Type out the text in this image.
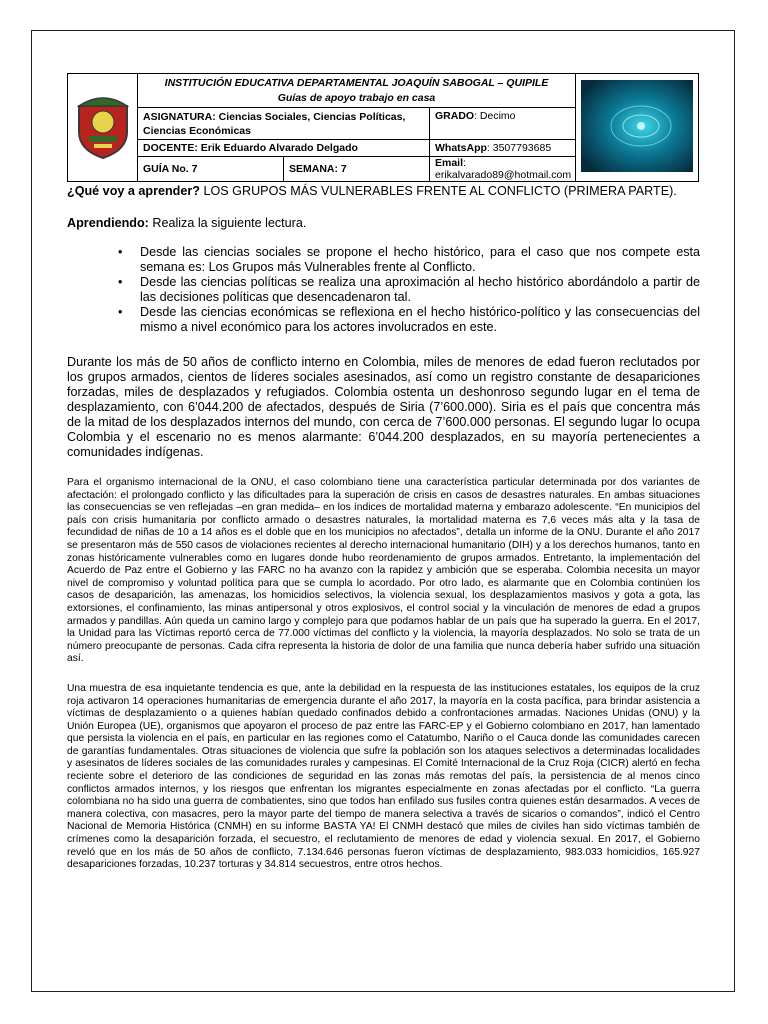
INSTITUCIÓN EDUCATIVA DEPARTAMENTAL JOAQUÍN SABOGAL – QUIPILE
Guías de apoyo trabajo en casa

	ASIGNATURA: Ciencias Sociales, Ciencias Políticas, Ciencias Económicas		GRADO: Decimo	
	DOCENTE: Erik Eduardo Alvarado Delgado		WhatsApp: 3507793685	
	GUÍA No. 7	SEMANA: 7	Email: erikalvarado89@hotmail.com	

¿Qué voy a aprender? LOS GRUPOS MÁS VULNERABLES FRENTE AL CONFLICTO (PRIMERA PARTE).

Aprendiendo: Realiza la siguiente lectura.

• Desde las ciencias sociales se propone el hecho histórico, para el caso que nos compete esta semana es: Los Grupos más Vulnerables frente al Conflicto.
• Desde las ciencias políticas se realiza una aproximación al hecho histórico abordándolo a partir de las decisiones políticas que desencadenaron tal.
• Desde las ciencias económicas se reflexiona en el hecho histórico-político y las consecuencias del mismo a nivel económico para los actores involucrados en este.

Durante los más de 50 años de conflicto interno en Colombia, miles de menores de edad fueron reclutados por los grupos armados, cientos de líderes sociales asesinados, así como un registro constante de desapariciones forzadas, miles de desplazados y refugiados. Colombia ostenta un deshonroso segundo lugar en el tema de desplazamiento, con 6’044.200 de afectados, después de Siria (7’600.000). Siria es el país que concentra más de la mitad de los desplazados internos del mundo, con cerca de 7’600.000 personas. El segundo lugar lo ocupa Colombia y el escenario no es menos alarmante: 6’044.200 desplazados, en su mayoría pertenecientes a comunidades indígenas.

Para el organismo internacional de la ONU, el caso colombiano tiene una característica particular determinada por dos variantes de afectación: el prolongado conflicto y las dificultades para la superación de crisis en casos de desastres naturales. En ambas situaciones las consecuencias se ven reflejadas –en gran medida– en los índices de mortalidad materna y embarazo adolescente. “En municipios del país con crisis humanitaria por conflicto armado o desastres naturales, la mortalidad materna es 7,6 veces más alta y la tasa de fecundidad de niñas de 10 a 14 años es el doble que en los municipios no afectados”, detalla un informe de la ONU. Durante el año 2017 se presentaron más de 550 casos de violaciones recientes al derecho internacional humanitario (DIH) y a los derechos humanos, tanto en zonas históricamente vulnerables como en lugares donde hubo reordenamiento de grupos armados. Entretanto, la implementación del Acuerdo de Paz entre el Gobierno y las FARC no ha avanzo con la rapidez y ambición que se esperaba. Colombia necesita un mayor nivel de compromiso y voluntad política para que se cumpla lo acordado. Por otro lado, es alarmante que en Colombia continúen los casos de desaparición, las amenazas, los homicidios selectivos, la violencia sexual, los desplazamientos masivos y gota a gota, las extorsiones, el confinamiento, las minas antipersonal y otros explosivos, el control social y la vinculación de menores de edad a grupos armados y pandillas. Aún queda un camino largo y complejo para que podamos hablar de un país que ha superado la guerra. En el 2017, la Unidad para las Víctimas reportó cerca de 77.000 víctimas del conflicto y la violencia, la mayoría desplazados. No solo se trata de un número preocupante de personas. Cada cifra representa la historia de dolor de una familia que nunca debería haber sufrido una situación así.

Una muestra de esa inquietante tendencia es que, ante la debilidad en la respuesta de las instituciones estatales, los equipos de la cruz roja activaron 14 operaciones humanitarias de emergencia durante el año 2017, la mayoría en la costa pacífica, para brindar asistencia a víctimas de desplazamiento o a quienes habían quedado confinados debido a confrontaciones armadas. Naciones Unidas (ONU) y la Unión Europea (UE), organismos que apoyaron el proceso de paz entre las FARC-EP y el Gobierno colombiano en 2017, han lamentado que persista la violencia en el país, en particular en las regiones como el Catatumbo, Nariño o el Cauca donde las comunidades carecen de garantías fundamentales. Otras situaciones de violencia que sufre la población son los ataques selectivos a determinadas localidades y asesinatos de líderes sociales de las comunidades rurales y campesinas. El Comité Internacional de la Cruz Roja (CICR) alertó en fecha reciente sobre el deterioro de las condiciones de seguridad en las zonas más remotas del país, la persistencia de al menos cinco conflictos armados internos, y los riesgos que enfrentan los migrantes especialmente en zonas afectadas por el conflicto. “La guerra colombiana no ha sido una guerra de combatientes, sino que todos han enfilado sus fusiles contra quienes están desarmados. A veces de manera colectiva, con masacres, pero la mayor parte del tiempo de manera selectiva a través de sicarios o comandos”, indicó el Centro Nacional de Memoria Histórica (CNMH) en su informe BASTA YA! El CNMH destacó que miles de civiles han sido víctimas también de crímenes como la desaparición forzada, el secuestro, el reclutamiento de menores de edad y violencia sexual. En 2017, el Gobierno reveló que en los más de 50 años de conflicto, 7.134.646 personas fueron víctimas de desplazamiento, 983.033 homicidios, 165.927 desapariciones forzadas, 10.237 torturas y 34.814 secuestros, entre otros hechos.
